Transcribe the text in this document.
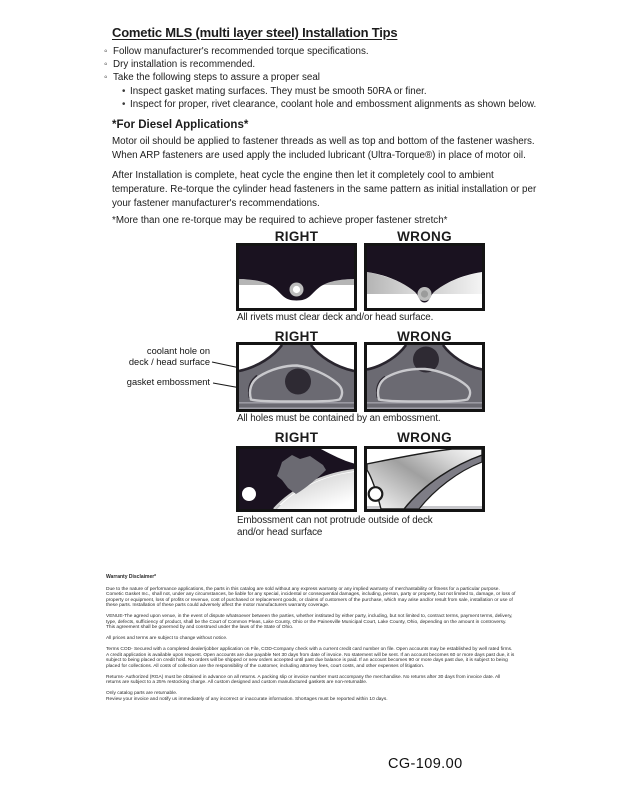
Cometic MLS (multi layer steel) Installation Tips
◦ Follow manufacturer's recommended torque specifications.
◦ Dry installation is recommended.
◦ Take the following steps to assure a proper seal
• Inspect gasket mating surfaces. They must be smooth 50RA or finer.
• Inspect for proper, rivet clearance, coolant hole and embossment alignments as shown below.
*For Diesel Applications*
Motor oil should be applied to fastener threads as well as top and bottom of the fastener washers. When ARP fasteners are used apply the included lubricant (Ultra-Torque®) in place of motor oil.
After Installation is complete, heat cycle the engine then let it completely cool to ambient temperature. Re-torque the cylinder head fasteners in the same pattern as initial installation or per your fastener manufacturer's recommendations.
*More than one re-torque may be required to achieve proper fastener stretch*
RIGHT	WRONG
All rivets must clear deck and/or head surface.
coolant hole on
deck / head surface
gasket embossment
RIGHT	WRONG
All holes must be contained by an embossment.
RIGHT	WRONG
Embossment can not protrude outside of deck
and/or head surface
Warranty Disclaimer*

Due to the nature of performance applications, the parts in this catalog are sold without any express warranty or any implied warranty of merchantability or fitness for a particular purpose. Cometic Gasket Inc., shall not, under any circumstances, be liable for any special, incidental or consequential damages, including, person, party or property, but not limited to, damage, or loss of property or equipment, loss of profits or revenue, cost of purchased or replacement goods, or claims of customers of the purchase, which may arise and/or result from sale, installation or use of these parts. Installation of these parts could adversely affect the motor manufacturers warranty coverage.

VENUE-The agreed upon venue, in the event of dispute whatsoever between the parties, whether instituted by either party, including, but not limited to, contract terms, payment terms, delivery, type, defects, sufficiency of product, shall be the Court of Common Pleas, Lake County, Ohio or the Painesville Municipal Court, Lake County, Ohio, depending on the amount in controversy.

This agreement shall be governed by and construed under the laws of the State of Ohio.

All prices and terms are subject to change without notice.

Terms COD- Secured with a completed dealer/jobber application on File, COD-Company check with a current credit card number on file. Open accounts may be established by well rated firms. A credit application is available upon request. Open accounts are due payable Net 30 days from date of invoice. No statement will be sent. If an account becomes 60 or more days past due, it is subject to being placed on credit hold. No orders will be shipped or new orders accepted until past due balance is paid. If an account becomes 90 or more days past due, it is subject to being placed for collections. All costs of collection are the responsibility of the customer, including attorney fees, court costs, and other expenses of litigation.

Returns- Authorized (RGA) must be obtained in advance on all returns. A packing slip or invoice number must accompany the merchandise. No returns after 30 days from invoice date. All returns are subject to a 25% restocking charge. All custom designed and custom manufactured gaskets are non-returnable.

Only catalog parts are returnable.

Review your invoice and notify us immediately of any incorrect or inaccurate information. Shortages must be reported within 10 days.

CG-109.00
